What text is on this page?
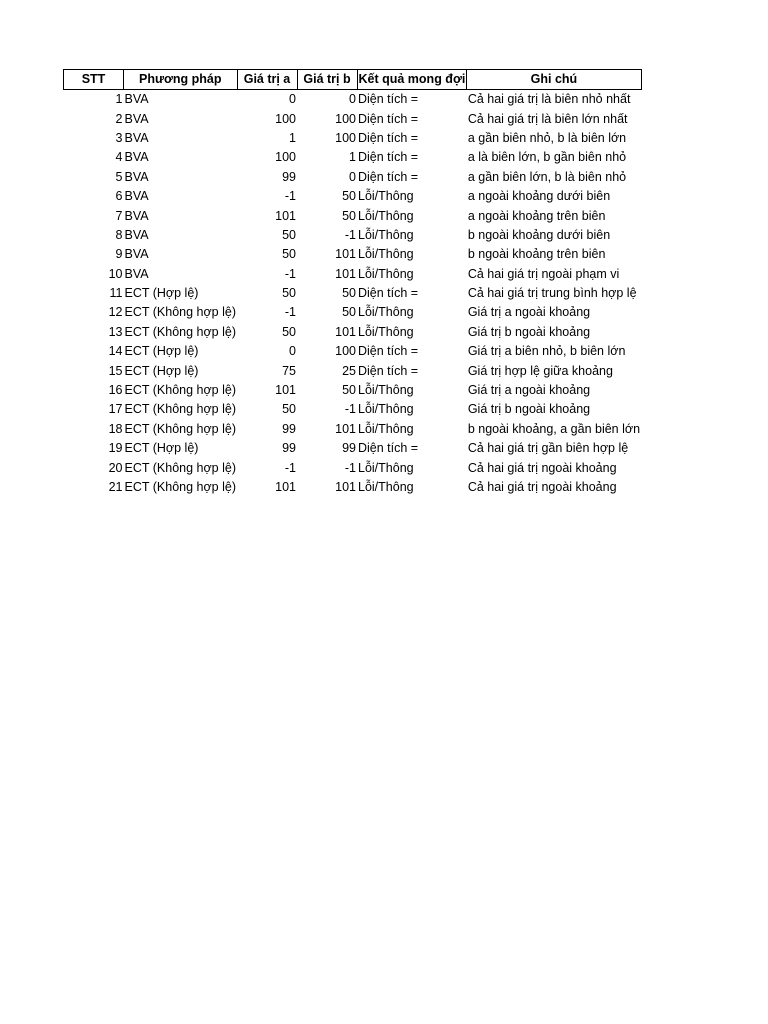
STT	Phương pháp	Giá trị a	Giá trị b	Kết quả mong đợi	Ghi chú
1	BVA	0	0	Diện tích =	Cả hai giá trị là biên nhỏ nhất
2	BVA	100	100	Diện tích =	Cả hai giá trị là biên lớn nhất
3	BVA	1	100	Diện tích =	a gần biên nhỏ, b là biên lớn
4	BVA	100	1	Diện tích =	a là biên lớn, b gần biên nhỏ
5	BVA	99	0	Diện tích =	a gần biên lớn, b là biên nhỏ
6	BVA	-1	50	Lỗi/Thông	a ngoài khoảng dưới biên
7	BVA	101	50	Lỗi/Thông	a ngoài khoảng trên biên
8	BVA	50	-1	Lỗi/Thông	b ngoài khoảng dưới biên
9	BVA	50	101	Lỗi/Thông	b ngoài khoảng trên biên
10	BVA	-1	101	Lỗi/Thông	Cả hai giá trị ngoài phạm vi
11	ECT (Hợp lệ)	50	50	Diện tích =	Cả hai giá trị trung bình hợp lệ
12	ECT (Không hợp lệ)	-1	50	Lỗi/Thông	Giá trị a ngoài khoảng
13	ECT (Không hợp lệ)	50	101	Lỗi/Thông	Giá trị b ngoài khoảng
14	ECT (Hợp lệ)	0	100	Diện tích =	Giá trị a biên nhỏ, b biên lớn
15	ECT (Hợp lệ)	75	25	Diện tích =	Giá trị hợp lệ giữa khoảng
16	ECT (Không hợp lệ)	101	50	Lỗi/Thông	Giá trị a ngoài khoảng
17	ECT (Không hợp lệ)	50	-1	Lỗi/Thông	Giá trị b ngoài khoảng
18	ECT (Không hợp lệ)	99	101	Lỗi/Thông	b ngoài khoảng, a gần biên lớn
19	ECT (Hợp lệ)	99	99	Diện tích =	Cả hai giá trị gần biên hợp lệ
20	ECT (Không hợp lệ)	-1	-1	Lỗi/Thông	Cả hai giá trị ngoài khoảng
21	ECT (Không hợp lệ)	101	101	Lỗi/Thông	Cả hai giá trị ngoài khoảng
